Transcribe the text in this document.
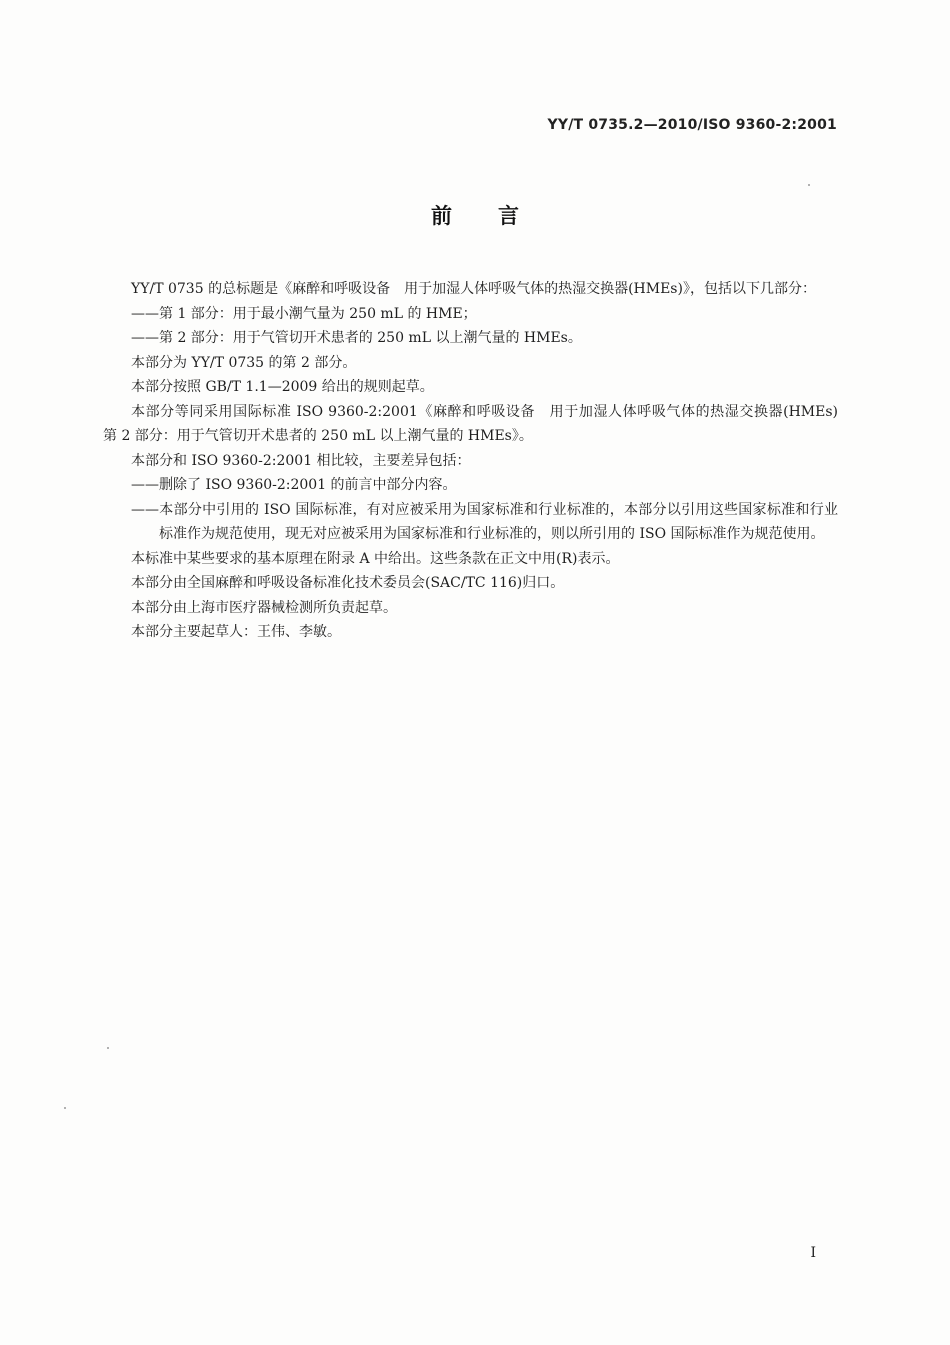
YY/T 0735.2—2010/ISO 9360-2:2001
前言

YY/T 0735 的总标题是《麻醉和呼吸设备　用于加湿人体呼吸气体的热湿交换器(HMEs)》，包括以下几部分：

——第 1 部分：用于最小潮气量为 250 mL 的 HME；

——第 2 部分：用于气管切开术患者的 250 mL 以上潮气量的 HMEs。

本部分为 YY/T 0735 的第 2 部分。

本部分按照 GB/T 1.1—2009 给出的规则起草。

本部分等同采用国际标准 ISO 9360-2:2001《麻醉和呼吸设备　用于加湿人体呼吸气体的热湿交换器(HMEs)　第 2 部分：用于气管切开术患者的 250 mL 以上潮气量的 HMEs》。

本部分和 ISO 9360-2:2001 相比较，主要差异包括：

——删除了 ISO 9360-2:2001 的前言中部分内容。

——本部分中引用的 ISO 国际标准，有对应被采用为国家标准和行业标准的，本部分以引用这些国家标准和行业标准作为规范使用，现无对应被采用为国家标准和行业标准的，则以所引用的 ISO 国际标准作为规范使用。

本标准中某些要求的基本原理在附录 A 中给出。这些条款在正文中用(R)表示。

本部分由全国麻醉和呼吸设备标准化技术委员会(SAC/TC 116)归口。

本部分由上海市医疗器械检测所负责起草。

本部分主要起草人：王伟、李敏。

I
